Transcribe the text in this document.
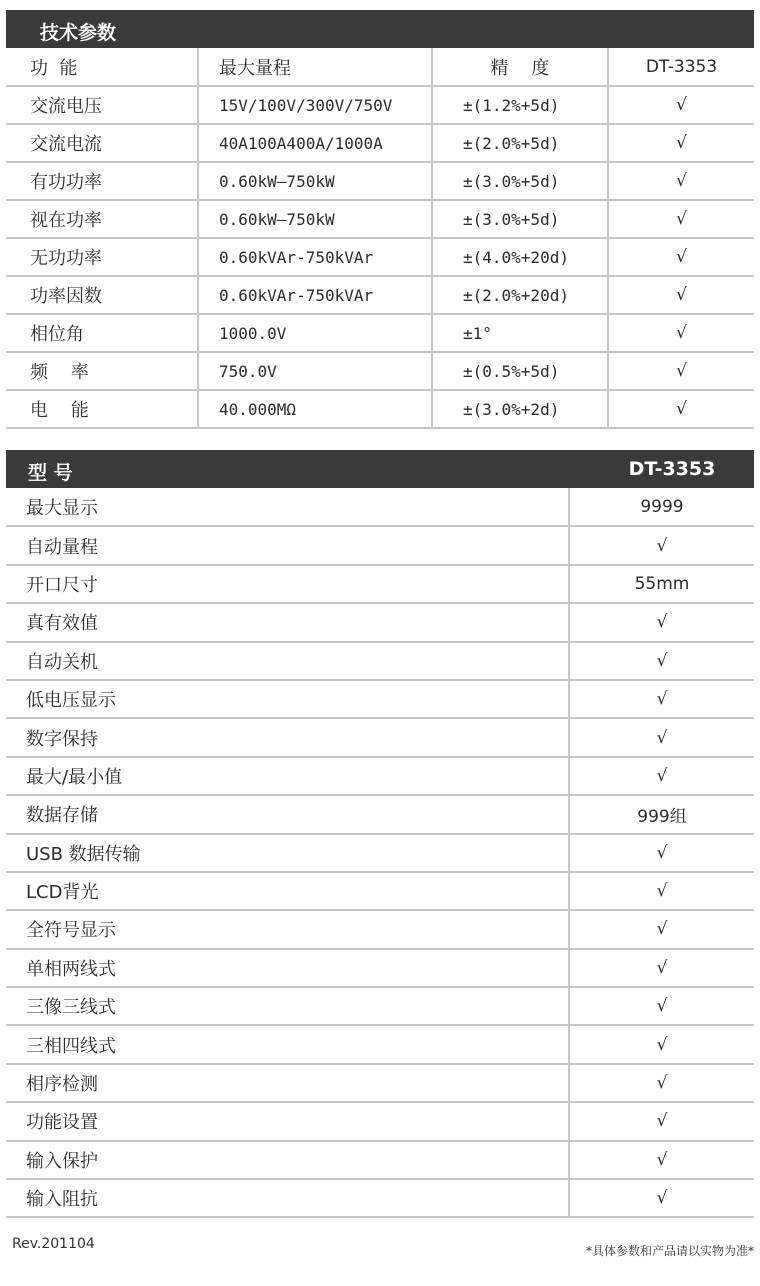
技术参数
功  能	最大量程	精    度	DT-3353
交流电压	15V/100V/300V/750V	±(1.2%+5d)	√
交流电流	40A100A400A/1000A	±(2.0%+5d)	√
有功功率	0.60kW—750kW	±(3.0%+5d)	√
视在功率	0.60kW—750kW	±(3.0%+5d)	√
无功功率	0.60kVAr-750kVAr	±(4.0%+20d)	√
功率因数	0.60kVAr-750kVAr	±(2.0%+20d)	√
相位角	1000.0V	±1°	√
频    率	750.0V	±(0.5%+5d)	√
电    能	40.000MΩ	±(3.0%+2d)	√
型 号	DT-3353
最大显示	9999
自动量程	√
开口尺寸	55mm
真有效值	√
自动关机	√
低电压显示	√
数字保持	√
最大/最小值	√
数据存储	999组
USB 数据传输	√
LCD背光	√
全符号显示	√
单相两线式	√
三像三线式	√
三相四线式	√
相序检测	√
功能设置	√
输入保护	√
输入阻抗	√
Rev.201104	*具体参数和产品请以实物为准*
